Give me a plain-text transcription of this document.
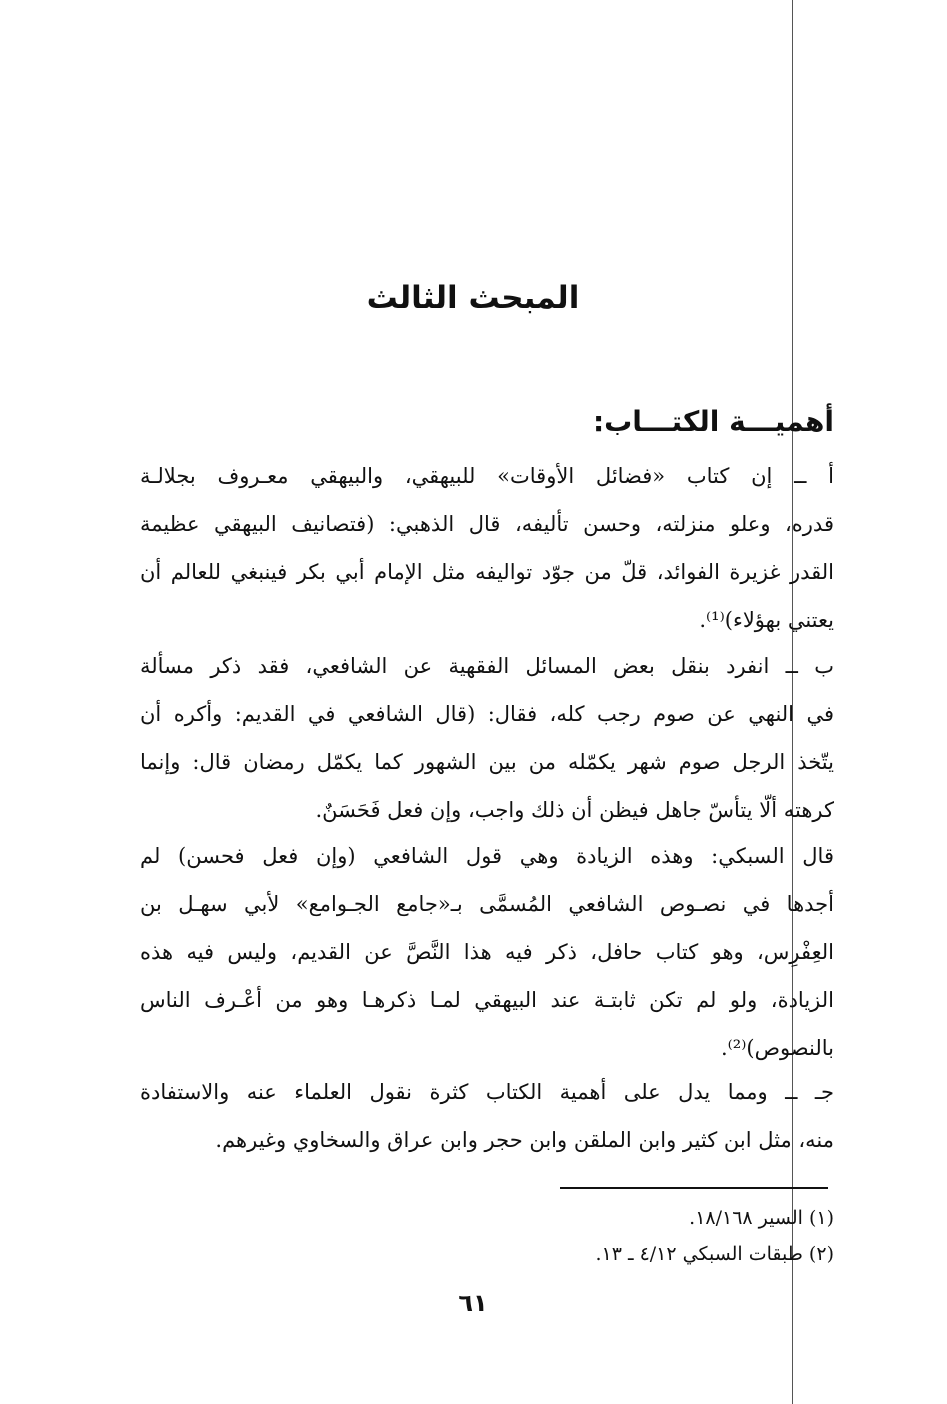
المبحث الثالث
أهميـــة الكتـــاب:
أ ــ إن كتاب «فضائل الأوقات» للبيهقي، والبيهقي معـروف بجلالـة
قدره، وعلو منزلته، وحسن تأليفه، قال الذهبي: (فتصانيف البيهقي عظيمة
القدر غزيرة الفوائد، قلّ من جوّد تواليفه مثل الإمام أبي بكر فينبغي للعالم أن
يعتني بهؤلاء)⁽¹⁾.
ب ــ انفرد بنقل بعض المسائل الفقهية عن الشافعي، فقد ذكر مسألة
في النهي عن صوم رجب كله، فقال: (قال الشافعي في القديم: وأكره أن
يتّخذ الرجل صوم شهر يكمّله من بين الشهور كما يكمّل رمضان قال: وإنما
كرهته ألّا يتأسّ جاهل فيظن أن ذلك واجب، وإن فعل فَحَسَنٌ.
قال السبكي: وهذه الزيادة وهي قول الشافعي (وإن فعل فحسن) لم
أجدها في نصـوص الشافعي المُسمَّى بـ«جامع الجـوامع» لأبي سهـل بن
العِفْرِس، وهو كتاب حافل، ذكر فيه هذا النَّصَّ عن القديم، وليس فيه هذه
الزيادة، ولو لم تكن ثابتـة عند البيهقي لمـا ذكرهـا وهو من أعْـرف الناس
بالنصوص)⁽²⁾.
جـ ــ ومما يدل على أهمية الكتاب كثرة نقول العلماء عنه والاستفادة
منه، مثل ابن كثير وابن الملقن وابن حجر وابن عراق والسخاوي وغيرهم.
(١) السير ١٨/١٦٨.
(٢) طبقات السبكي ٤/١٢ ـ ١٣.
٦١
